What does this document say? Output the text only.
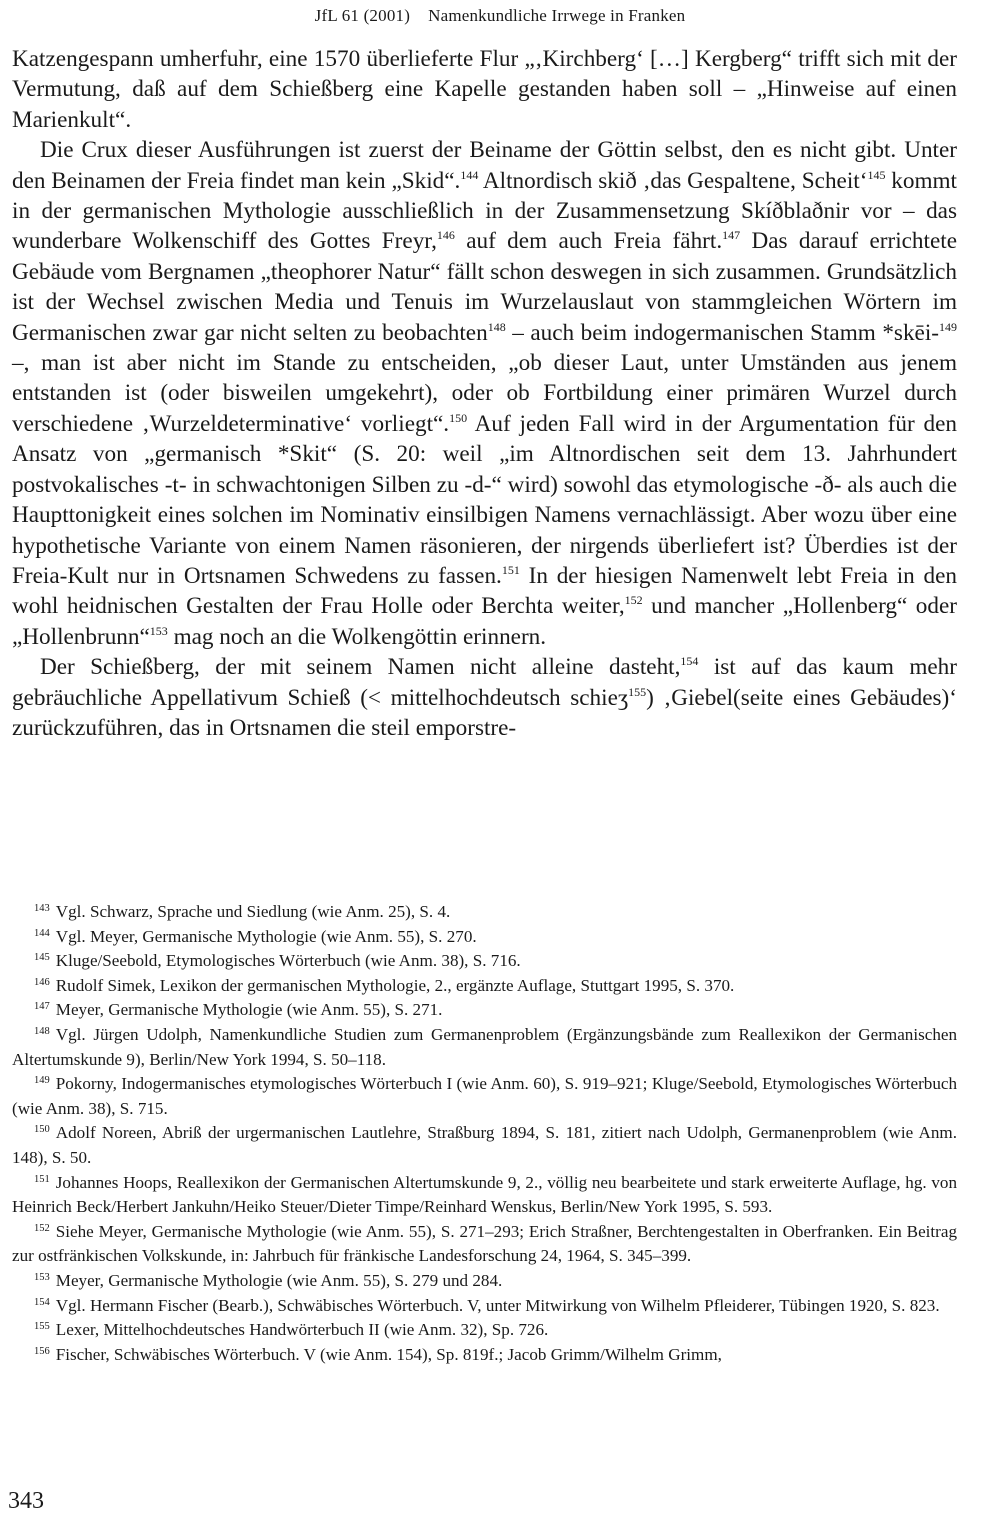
JfL 61 (2001) Namenkundliche Irrwege in Franken

Katzengespann umherfuhr, eine 1570 überlieferte Flur „‚Kirchberg‘ […] Kergberg“ trifft sich mit der Vermutung, daß auf dem Schießberg eine Kapelle gestanden haben soll – „Hinweise auf einen Marienkult“.

Die Crux dieser Ausführungen ist zuerst der Beiname der Göttin selbst, den es nicht gibt. Unter den Beinamen der Freia findet man kein „Skid“.$^{144}$ Altnordisch skið ‚das Gespaltene, Scheit‘$^{145}$ kommt in der germanischen Mythologie ausschließlich in der Zusammensetzung Skíðblaðnir vor – das wunderbare Wolkenschiff des Gottes Freyr,$^{146}$ auf dem auch Freia fährt.$^{147}$ Das darauf errichtete Gebäude vom Bergnamen „theophorer Natur“ fällt schon deswegen in sich zusammen. Grundsätzlich ist der Wechsel zwischen Media und Tenuis im Wurzelauslaut von stammgleichen Wörtern im Germanischen zwar gar nicht selten zu beobachten$^{148}$ – auch beim indogermanischen Stamm *skēi-$^{149}$ –, man ist aber nicht im Stande zu entscheiden, „ob dieser Laut, unter Umständen aus jenem entstanden ist (oder bisweilen umgekehrt), oder ob Fortbildung einer primären Wurzel durch verschiedene ‚Wurzeldeterminative‘ vorliegt“.$^{150}$ Auf jeden Fall wird in der Argumentation für den Ansatz von „germanisch *Skit“ (S. 20: weil „im Altnordischen seit dem 13. Jahrhundert postvokalisches -t- in schwachtonigen Silben zu -d-“ wird) sowohl das etymologische -ð- als auch die Haupttonigkeit eines solchen im Nominativ einsilbigen Namens vernachlässigt. Aber wozu über eine hypothetische Variante von einem Namen räsonieren, der nirgends überliefert ist? Überdies ist der Freia-Kult nur in Ortsnamen Schwedens zu fassen.$^{151}$ In der hiesigen Namenwelt lebt Freia in den wohl heidnischen Gestalten der Frau Holle oder Berchta weiter,$^{152}$ und mancher „Hollenberg“ oder „Hollenbrunn“$^{153}$ mag noch an die Wolkengöttin erinnern.

Der Schießberg, der mit seinem Namen nicht alleine dasteht,$^{154}$ ist auf das kaum mehr gebräuchliche Appellativum Schieß (< mittelhochdeutsch schieʒ$^{155}$) ‚Giebel(seite eines Gebäudes)‘ zurückzuführen, das in Ortsnamen die steil emporstre-

$^{143}$ Vgl. Schwarz, Sprache und Siedlung (wie Anm. 25), S. 4.

$^{144}$ Vgl. Meyer, Germanische Mythologie (wie Anm. 55), S. 270.

$^{145}$ Kluge/Seebold, Etymologisches Wörterbuch (wie Anm. 38), S. 716.

$^{146}$ Rudolf Simek, Lexikon der germanischen Mythologie, 2., ergänzte Auflage, Stuttgart 1995, S. 370.

$^{147}$ Meyer, Germanische Mythologie (wie Anm. 55), S. 271.

$^{148}$ Vgl. Jürgen Udolph, Namenkundliche Studien zum Germanenproblem (Ergänzungsbände zum Reallexikon der Germanischen Altertumskunde 9), Berlin/New York 1994, S. 50–118.

$^{149}$ Pokorny, Indogermanisches etymologisches Wörterbuch I (wie Anm. 60), S. 919–921; Kluge/Seebold, Etymologisches Wörterbuch (wie Anm. 38), S. 715.

$^{150}$ Adolf Noreen, Abriß der urgermanischen Lautlehre, Straßburg 1894, S. 181, zitiert nach Udolph, Germanenproblem (wie Anm. 148), S. 50.

$^{151}$ Johannes Hoops, Reallexikon der Germanischen Altertumskunde 9, 2., völlig neu bearbeitete und stark erweiterte Auflage, hg. von Heinrich Beck/Herbert Jankuhn/Heiko Steuer/Dieter Timpe/Reinhard Wenskus, Berlin/New York 1995, S. 593.

$^{152}$ Siehe Meyer, Germanische Mythologie (wie Anm. 55), S. 271–293; Erich Straßner, Berchtengestalten in Oberfranken. Ein Beitrag zur ostfränkischen Volkskunde, in: Jahrbuch für fränkische Landesforschung 24, 1964, S. 345–399.

$^{153}$ Meyer, Germanische Mythologie (wie Anm. 55), S. 279 und 284.

$^{154}$ Vgl. Hermann Fischer (Bearb.), Schwäbisches Wörterbuch. V, unter Mitwirkung von Wilhelm Pfleiderer, Tübingen 1920, S. 823.

$^{155}$ Lexer, Mittelhochdeutsches Handwörterbuch II (wie Anm. 32), Sp. 726.

$^{156}$ Fischer, Schwäbisches Wörterbuch. V (wie Anm. 154), Sp. 819f.; Jacob Grimm/Wilhelm Grimm,

343
